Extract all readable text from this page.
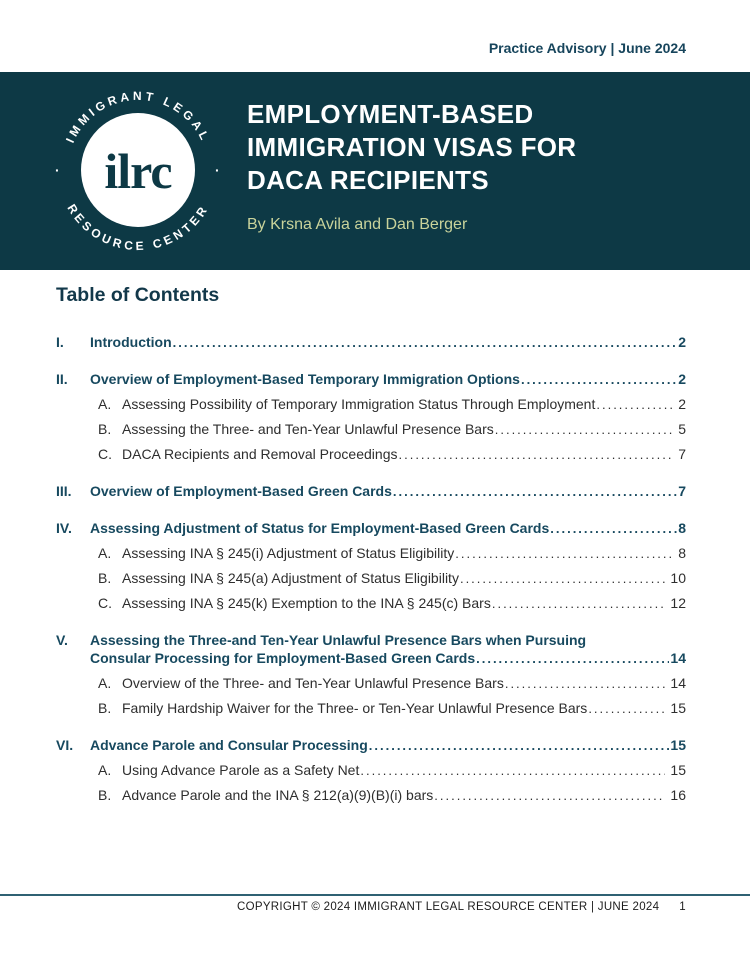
Practice Advisory | June 2024
IMMIGRANT LEGAL
RESOURCE CENTER
·	·
ilrc
EMPLOYMENT-BASED
IMMIGRATION VISAS FOR
DACA RECIPIENTS
By Krsna Avila and Dan Berger
Table of Contents
I.	Introduction .....	2
II.	Overview of Employment-Based Temporary Immigration Options .....	2
A. Assessing Possibility of Temporary Immigration Status Through Employment .....	2
B. Assessing the Three- and Ten-Year Unlawful Presence Bars .....	5
C. DACA Recipients and Removal Proceedings .....	7
III.	Overview of Employment-Based Green Cards .....	7
IV.	Assessing Adjustment of Status for Employment-Based Green Cards .....	8
A. Assessing INA § 245(i) Adjustment of Status Eligibility .....	8
B. Assessing INA § 245(a) Adjustment of Status Eligibility .....	10
C. Assessing INA § 245(k) Exemption to the INA § 245(c) Bars .....	12
V.	Assessing the Three-and Ten-Year Unlawful Presence Bars when Pursuing
Consular Processing for Employment-Based Green Cards .....	14
A. Overview of the Three- and Ten-Year Unlawful Presence Bars .....	14
B. Family Hardship Waiver for the Three- or Ten-Year Unlawful Presence Bars .....	15
VI.	Advance Parole and Consular Processing .....	15
A. Using Advance Parole as a Safety Net .....	15
B. Advance Parole and the INA § 212(a)(9)(B)(i) bars .....	16
COPYRIGHT © 2024 IMMIGRANT LEGAL RESOURCE CENTER | JUNE 2024 1
